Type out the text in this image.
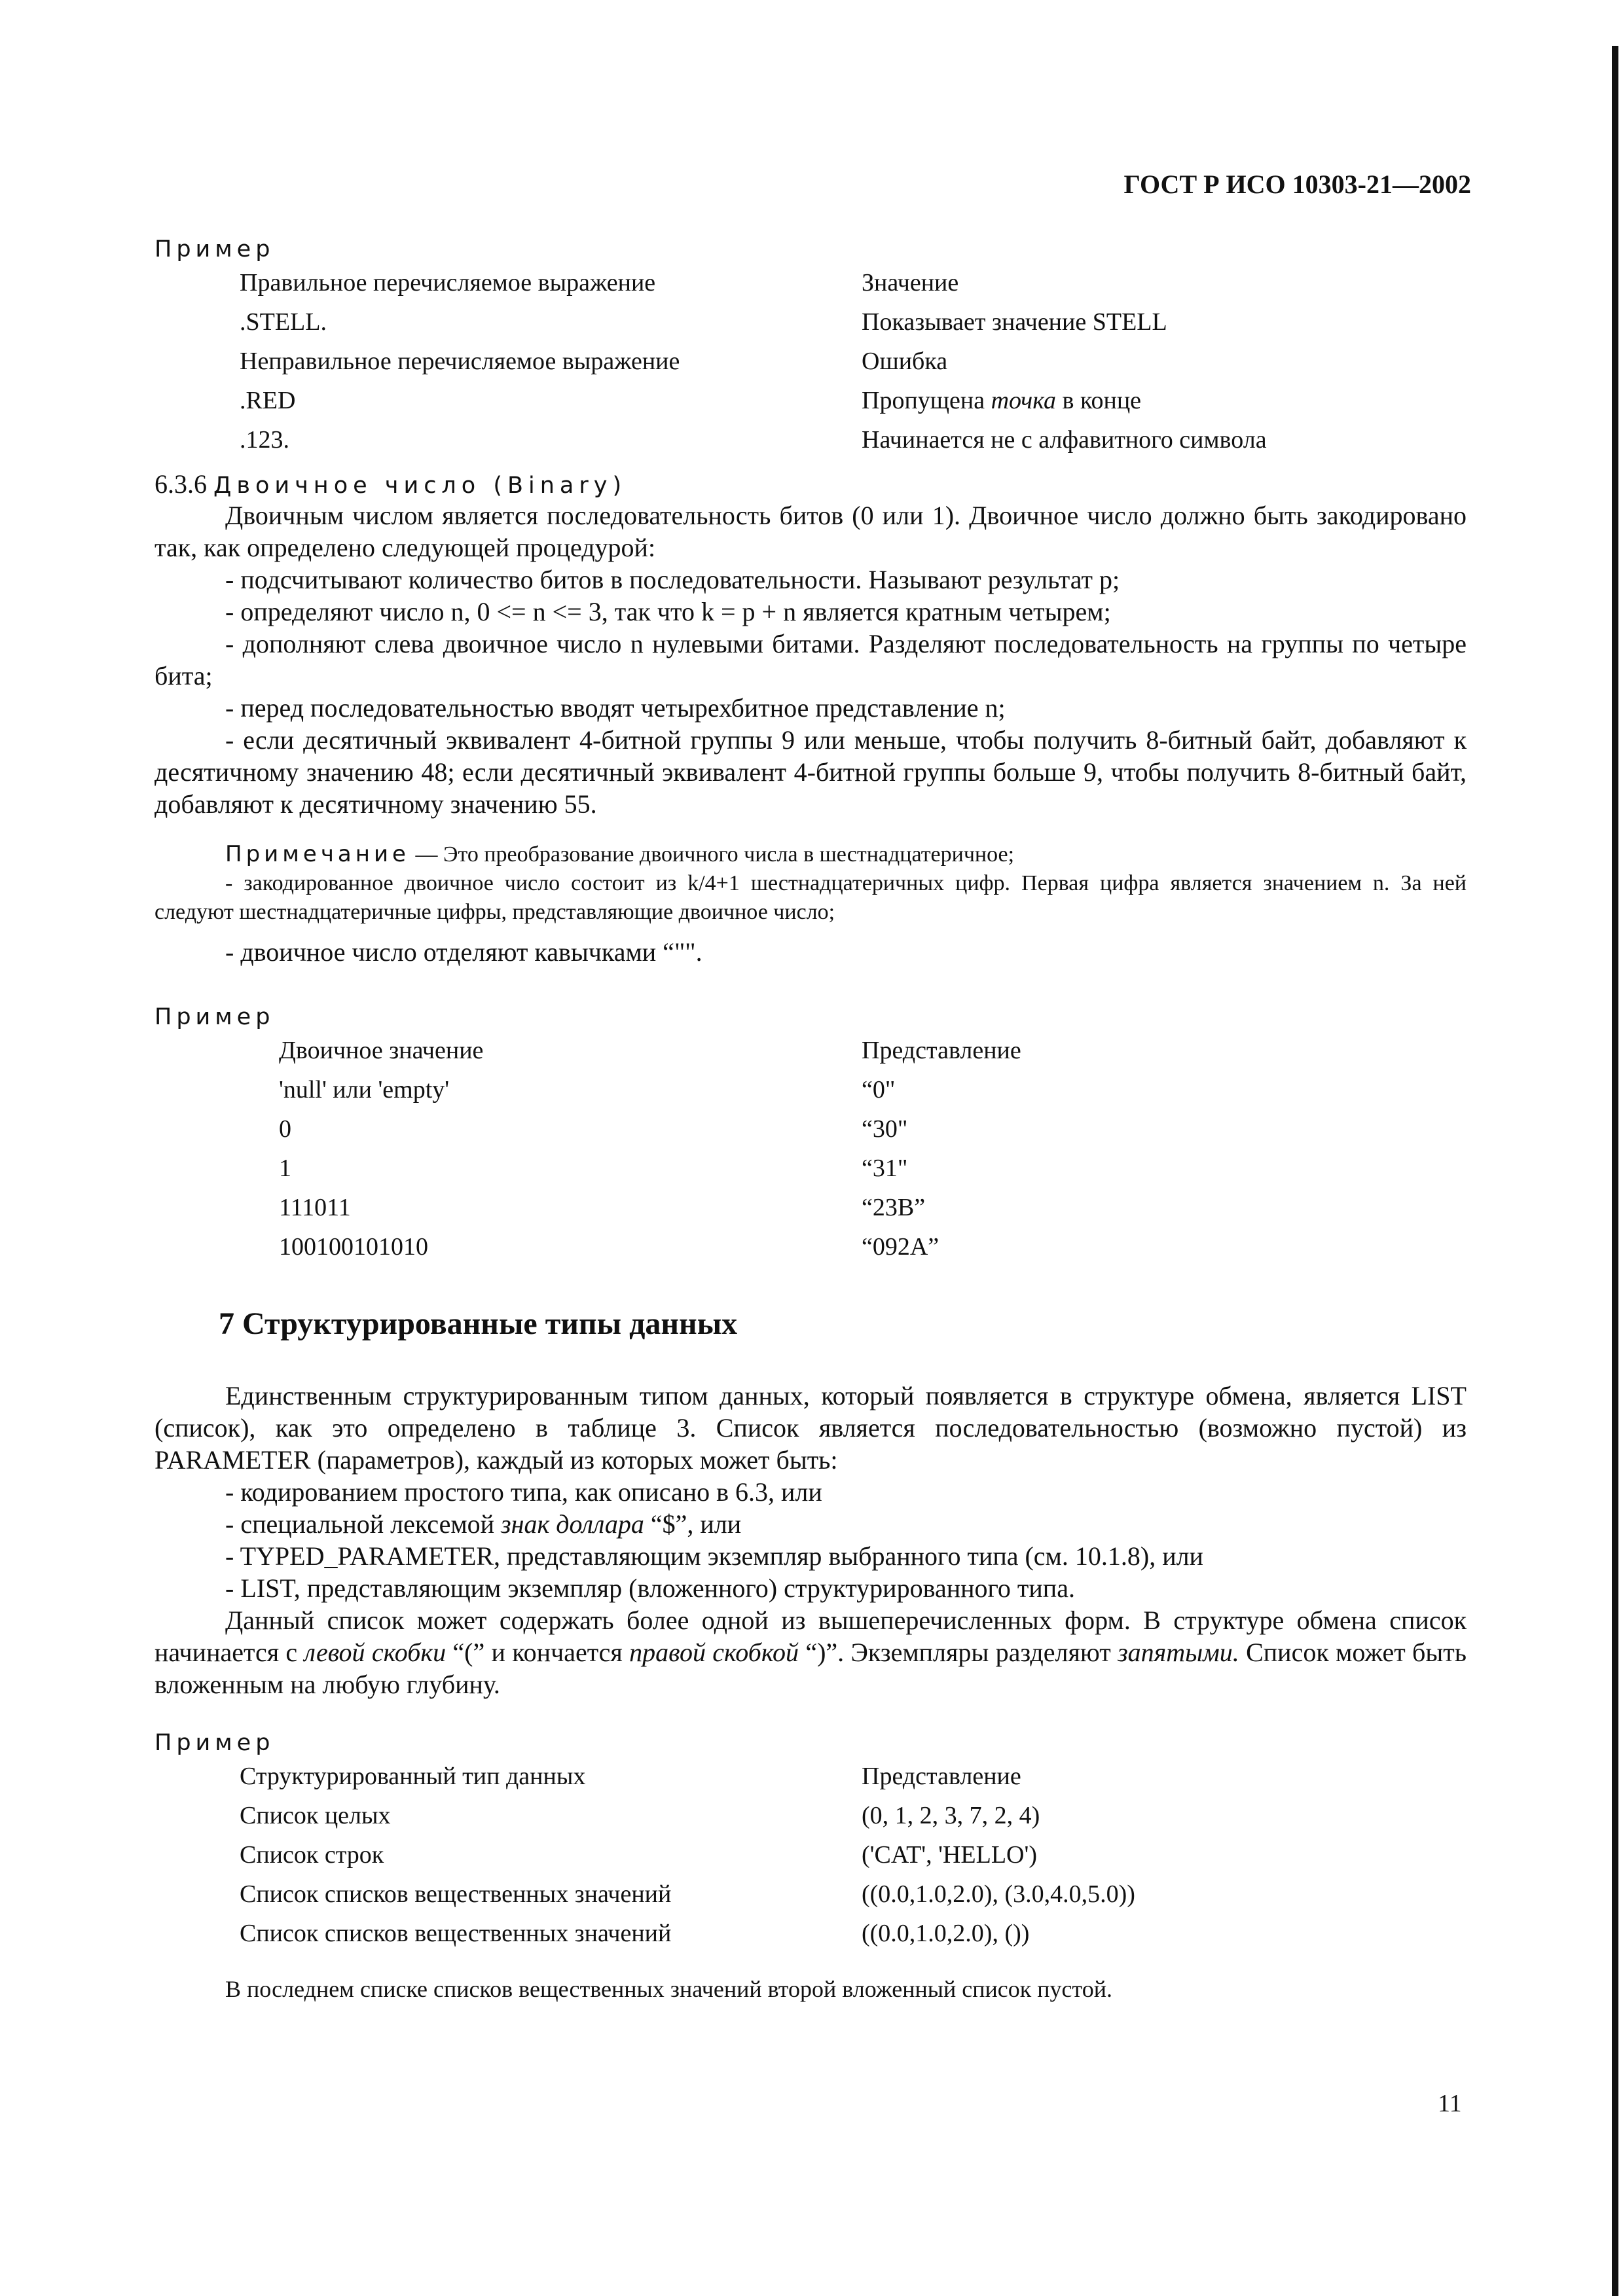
ГОСТ Р ИСО 10303-21—2002
Пример
Правильное перечисляемое выражение	Значение
.STELL.	Показывает значение STELL
Неправильное перечисляемое выражение	Ошибка
.RED	Пропущена точка в конце
.123.	Начинается не с алфавитного символа
6.3.6 Двоичное число (Binary)

Двоичным числом является последовательность битов (0 или 1). Двоичное число должно быть закодировано так, как определено следующей процедурой:

- подсчитывают количество битов в последовательности. Называют результат p;
- определяют число n, 0 <= n <= 3, так что k = p + n является кратным четырем;
- дополняют слева двоичное число n нулевыми битами. Разделяют последовательность на группы по четыре бита;
- перед последовательностью вводят четырехбитное представление n;
- если десятичный эквивалент 4-битной группы 9 или меньше, чтобы получить 8-битный байт, добавляют к десятичному значению 48; если десятичный эквивалент 4-битной группы больше 9, чтобы получить 8-битный байт, добавляют к десятичному значению 55.
Примечание — Это преобразование двоичного числа в шестнадцатеричное;
- закодированное двоичное число состоит из k/4+1 шестнадцатеричных цифр. Первая цифра является значением n. За ней следуют шестнадцатеричные цифры, представляющие двоичное число;
- двоичное число отделяют кавычками “"".
Пример
Двоичное значение	Представление
'null' или 'empty'	“0"
0	“30"
1	“31"
111011	“23B”
100100101010	“092A”
7 Структурированные типы данных

Единственным структурированным типом данных, который появляется в структуре обмена, является LIST (список), как это определено в таблице 3. Список является последовательностью (возможно пустой) из PARAMETER (параметров), каждый из которых может быть:

- кодированием простого типа, как описано в 6.3, или
- специальной лексемой знак доллара “$”, или
- TYPED_PARAMETER, представляющим экземпляр выбранного типа (см. 10.1.8), или
- LIST, представляющим экземпляр (вложенного) структурированного типа.

Данный список может содержать более одной из вышеперечисленных форм. В структуре обмена список начинается с левой скобки “(” и кончается правой скобкой “)”. Экземпляры разделяют запятыми. Список может быть вложенным на любую глубину.

Пример
Структурированный тип данных	Представление
Список целых	(0, 1, 2, 3, 7, 2, 4)
Список строк	('CAT', 'HELLO')
Список списков вещественных значений	((0.0,1.0,2.0), (3.0,4.0,5.0))
Список списков вещественных значений	((0.0,1.0,2.0), ())
В последнем списке списков вещественных значений второй вложенный список пустой.
11
